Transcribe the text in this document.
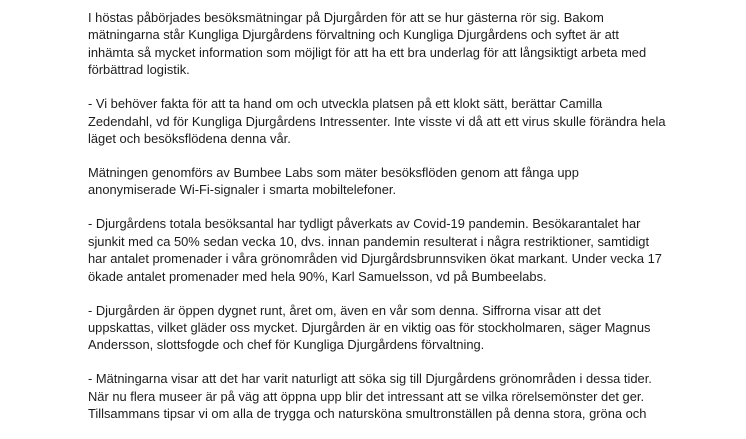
I höstas påbörjades besöksmätningar på Djurgården för att se hur gästerna rör sig. Bakom
mätningarna står Kungliga Djurgårdens förvaltning och Kungliga Djurgårdens och syftet är att
inhämta så mycket information som möjligt för att ha ett bra underlag för att långsiktigt arbeta med
förbättrad logistik.

- Vi behöver fakta för att ta hand om och utveckla platsen på ett klokt sätt, berättar Camilla
Zedendahl, vd för Kungliga Djurgårdens Intressenter. Inte visste vi då att ett virus skulle förändra hela
läget och besöksflödena denna vår.

Mätningen genomförs av Bumbee Labs som mäter besöksflöden genom att fånga upp
anonymiserade Wi-Fi-signaler i smarta mobiltelefoner.

- Djurgårdens totala besöksantal har tydligt påverkats av Covid-19 pandemin. Besökarantalet har
sjunkit med ca 50% sedan vecka 10, dvs. innan pandemin resulterat i några restriktioner, samtidigt
har antalet promenader i våra grönområden vid Djurgårdsbrunnsviken ökat markant. Under vecka 17
ökade antalet promenader med hela 90%, Karl Samuelsson, vd på Bumbeelabs.

- Djurgården är öppen dygnet runt, året om, även en vår som denna. Siffrorna visar att det
uppskattas, vilket gläder oss mycket. Djurgården är en viktig oas för stockholmaren, säger Magnus
Andersson, slottsfogde och chef för Kungliga Djurgårdens förvaltning.

- Mätningarna visar att det har varit naturligt att söka sig till Djurgårdens grönområden i dessa tider.
När nu flera museer är på väg att öppna upp blir det intressant att se vilka rörelsemönster det ger.
Tillsammans tipsar vi om alla de trygga och natursköna smultronställen på denna stora, gröna och
